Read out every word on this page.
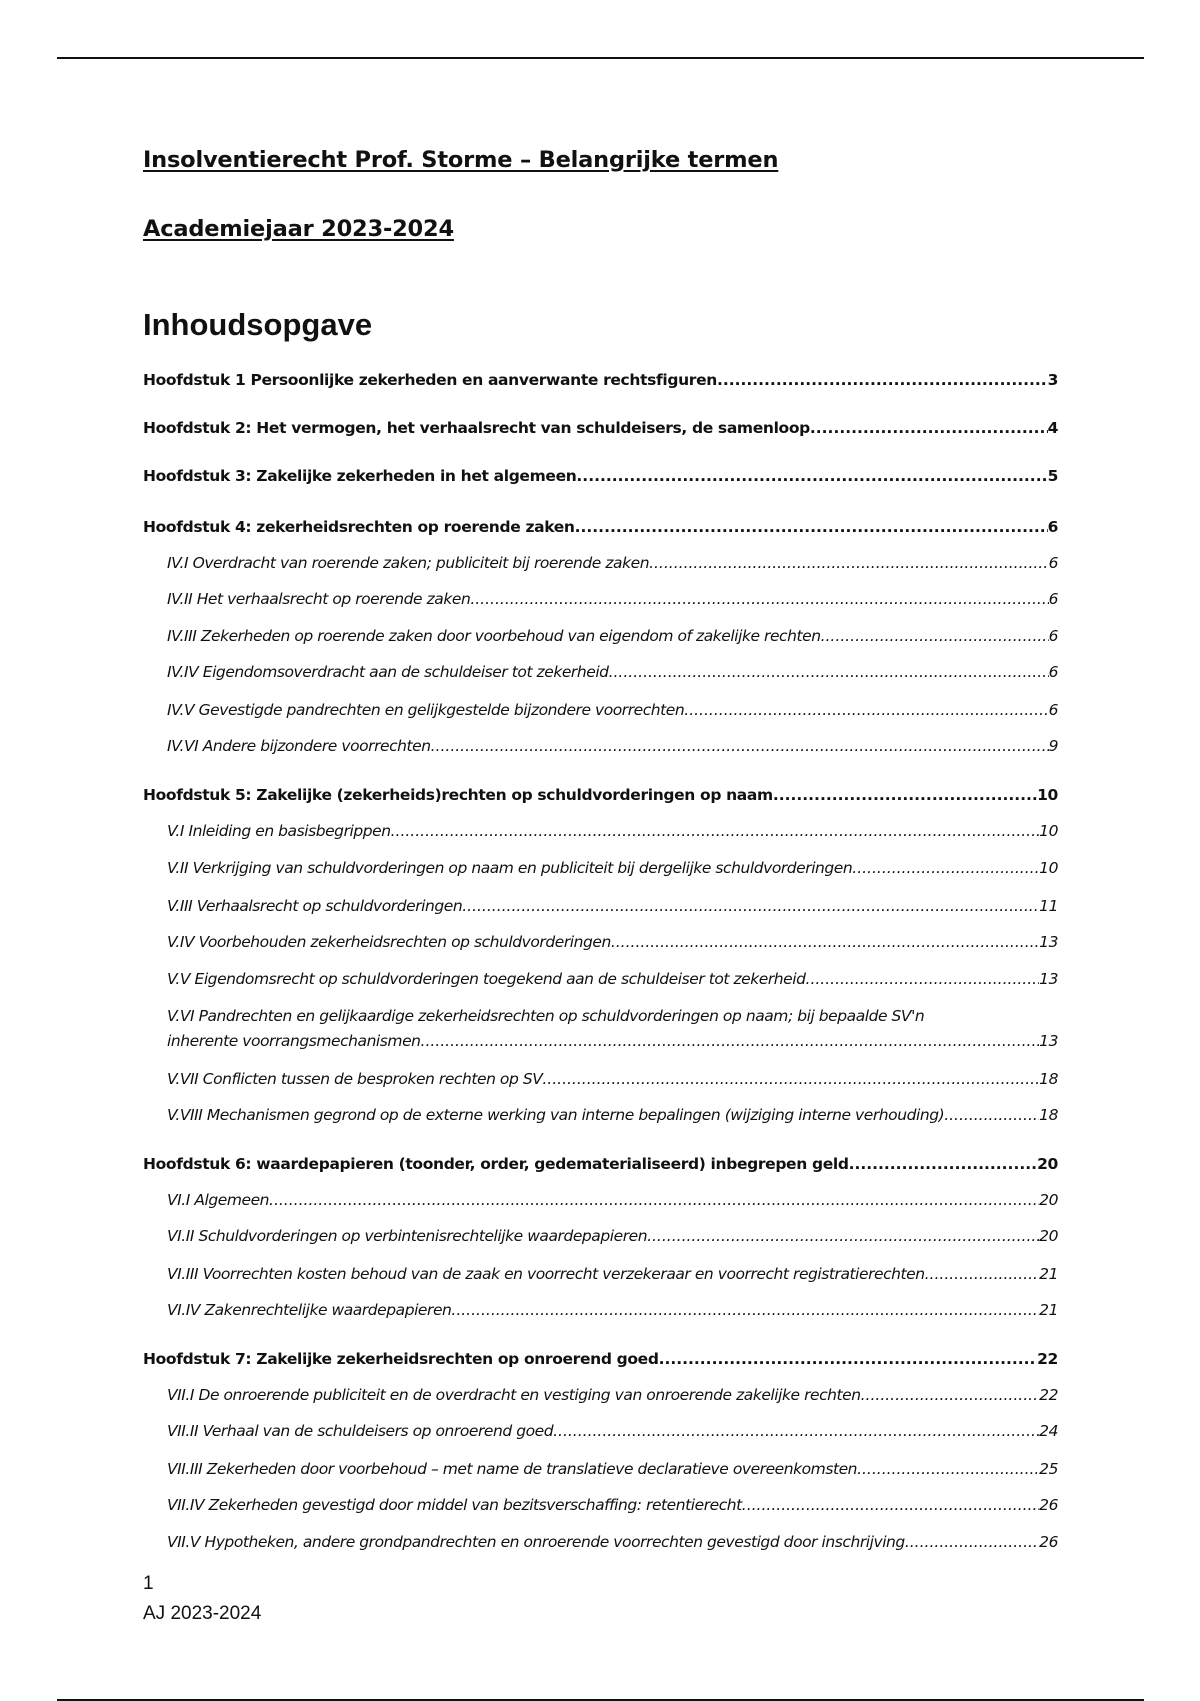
Insolventierecht Prof. Storme – Belangrijke termen
Academiejaar 2023-2024
Inhoudsopgave
Hoofdstuk 1 Persoonlijke zekerheden en aanverwante rechtsfiguren .....	3
Hoofdstuk 2: Het vermogen, het verhaalsrecht van schuldeisers, de samenloop .....	4
Hoofdstuk 3: Zakelijke zekerheden in het algemeen .....	5
Hoofdstuk 4: zekerheidsrechten op roerende zaken .....	6
IV.I Overdracht van roerende zaken; publiciteit bij roerende zaken .....	6
IV.II Het verhaalsrecht op roerende zaken .....	6
IV.III Zekerheden op roerende zaken door voorbehoud van eigendom of zakelijke rechten .....	6
IV.IV Eigendomsoverdracht aan de schuldeiser tot zekerheid .....	6
IV.V Gevestigde pandrechten en gelijkgestelde bijzondere voorrechten .....	6
IV.VI Andere bijzondere voorrechten .....	9
Hoofdstuk 5: Zakelijke (zekerheids)rechten op schuldvorderingen op naam .....	10
V.I Inleiding en basisbegrippen .....	10
V.II Verkrijging van schuldvorderingen op naam en publiciteit bij dergelijke schuldvorderingen .....	10
V.III Verhaalsrecht op schuldvorderingen .....	11
V.IV Voorbehouden zekerheidsrechten op schuldvorderingen .....	13
V.V Eigendomsrecht op schuldvorderingen toegekend aan de schuldeiser tot zekerheid .....	13
V.VI Pandrechten en gelijkaardige zekerheidsrechten op schuldvorderingen op naam; bij bepaalde SV'n
inherente voorrangsmechanismen .....	13
V.VII Conflicten tussen de besproken rechten op SV .....	18
V.VIII Mechanismen gegrond op de externe werking van interne bepalingen (wijziging interne verhouding) .....	18
Hoofdstuk 6: waardepapieren (toonder, order, gedematerialiseerd) inbegrepen geld .....	20
VI.I Algemeen .....	20
VI.II Schuldvorderingen op verbintenisrechtelijke waardepapieren .....	20
VI.III Voorrechten kosten behoud van de zaak en voorrecht verzekeraar en voorrecht registratierechten .....	21
VI.IV Zakenrechtelijke waardepapieren .....	21
Hoofdstuk 7: Zakelijke zekerheidsrechten op onroerend goed .....	22
VII.I De onroerende publiciteit en de overdracht en vestiging van onroerende zakelijke rechten .....	22
VII.II Verhaal van de schuldeisers op onroerend goed .....	24
VII.III Zekerheden door voorbehoud – met name de translatieve declaratieve overeenkomsten .....	25
VII.IV Zekerheden gevestigd door middel van bezitsverschaffing: retentierecht .....	26
VII.V Hypotheken, andere grondpandrechten en onroerende voorrechten gevestigd door inschrijving .....	26
1
AJ 2023-2024
